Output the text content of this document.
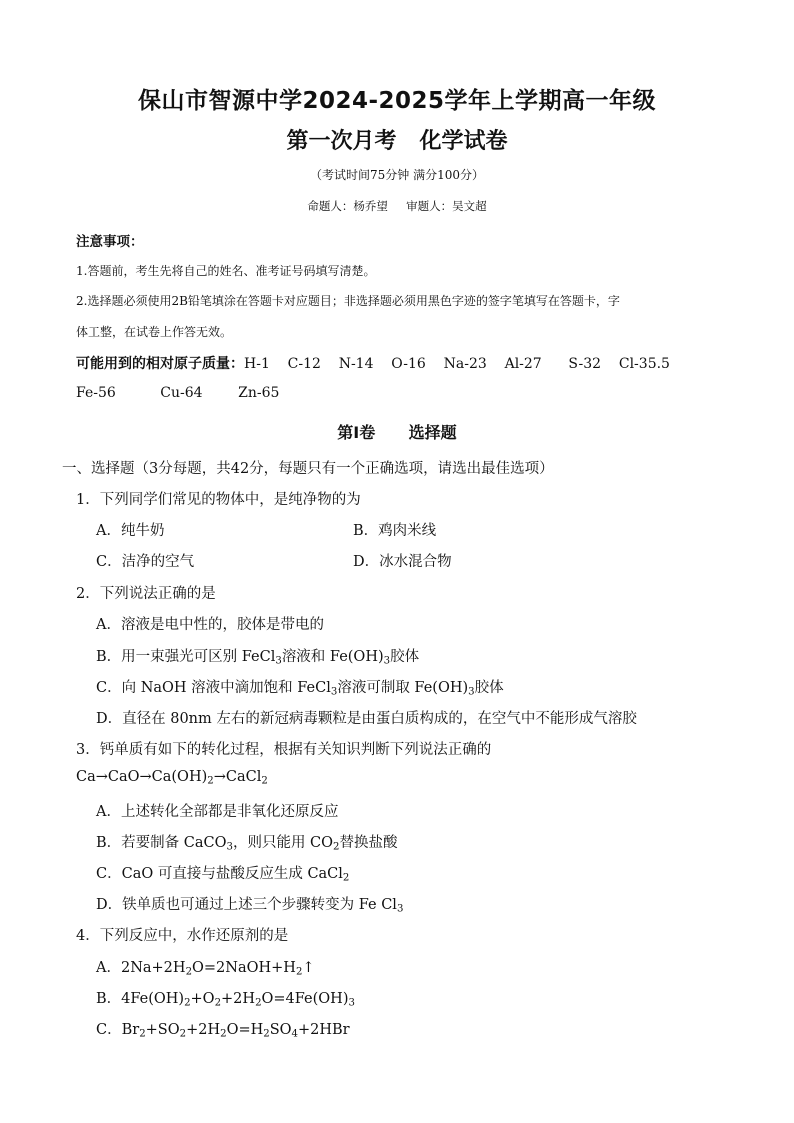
保山市智源中学2024-2025学年上学期高一年级
第一次月考   化学试卷
（考试时间75分钟 满分100分）
命题人：杨乔望     审题人：吴文超
注意事项：
1.答题前，考生先将自己的姓名、准考证号码填写清楚。
2.选择题必须使用2B铅笔填涂在答题卡对应题目；非选择题必须用黑色字迹的签字笔填写在答题卡，字
体工整，在试卷上作答无效。
可能用到的相对原子质量：H-1    C-12    N-14    O-16    Na-23    Al-27      S-32    Cl-35.5
Fe-56          Cu-64        Zn-65
第Ⅰ卷      选择题
一、选择题（3分每题，共42分，每题只有一个正确选项，请选出最佳选项）
1．下列同学们常见的物体中，是纯净物的为
A．纯牛奶	B．鸡肉米线
C．洁净的空气	D．冰水混合物
2．下列说法正确的是
A．溶液是电中性的，胶体是带电的
B．用一束强光可区别 FeCl$_3$溶液和 $Fe(OH)_3$胶体
C．向 NaOH 溶液中滴加饱和 FeCl$_3$溶液可制取 $Fe(OH)_3$胶体
D．直径在 80nm 左右的新冠病毒颗粒是由蛋白质构成的，在空气中不能形成气溶胶
3．钙单质有如下的转化过程，根据有关知识判断下列说法正确的
$Ca\to CaO\to Ca(OH)_2\to CaCl_2$
A．上述转化全部都是非氧化还原反应
B．若要制备 CaCO$_3$，则只能用 $CO_2$替换盐酸
C．CaO 可直接与盐酸反应生成 CaCl$_2$
D．铁单质也可通过上述三个步骤转变为 Fe $Cl_3$
4．下列反应中，水作还原剂的是
A．$2Na+2H_2O=2NaOH+H_2↑$
B．$4Fe(OH)_2+O_2+2H_2O=4Fe(OH)_3$
C．$Br_2+SO_2+2H_2O=H_2SO_4+2HBr$
